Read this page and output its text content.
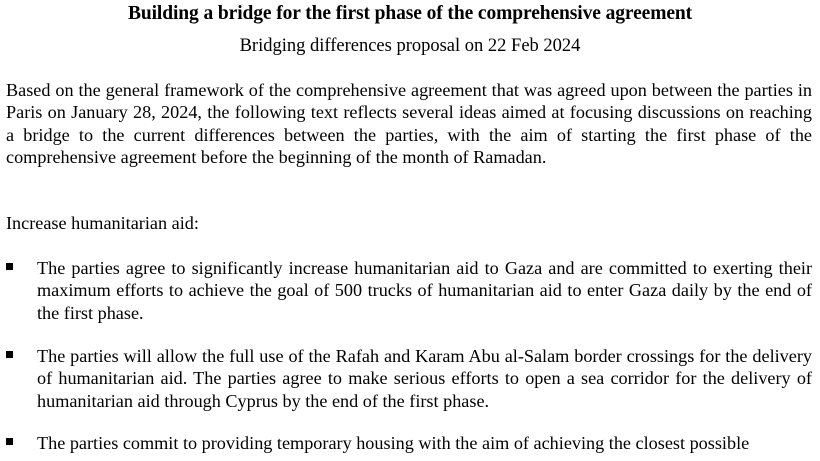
Building a bridge for the first phase of the comprehensive agreement
Bridging differences proposal on 22 Feb 2024

Based on the general framework of the comprehensive agreement that was agreed upon between the parties in Paris on January 28, 2024, the following text reflects several ideas aimed at focusing discussions on reaching a bridge to the current differences between the parties, with the aim of starting the first phase of the comprehensive agreement before the beginning of the month of Ramadan.

Increase humanitarian aid:

The parties agree to significantly increase humanitarian aid to Gaza and are committed to exerting their maximum efforts to achieve the goal of 500 trucks of humanitarian aid to enter Gaza daily by the end of the first phase.

The parties will allow the full use of the Rafah and Karam Abu al-Salam border crossings for the delivery of humanitarian aid. The parties agree to make serious efforts to open a sea corridor for the delivery of humanitarian aid through Cyprus by the end of the first phase.

The parties commit to providing temporary housing with the aim of achieving the closest possible
